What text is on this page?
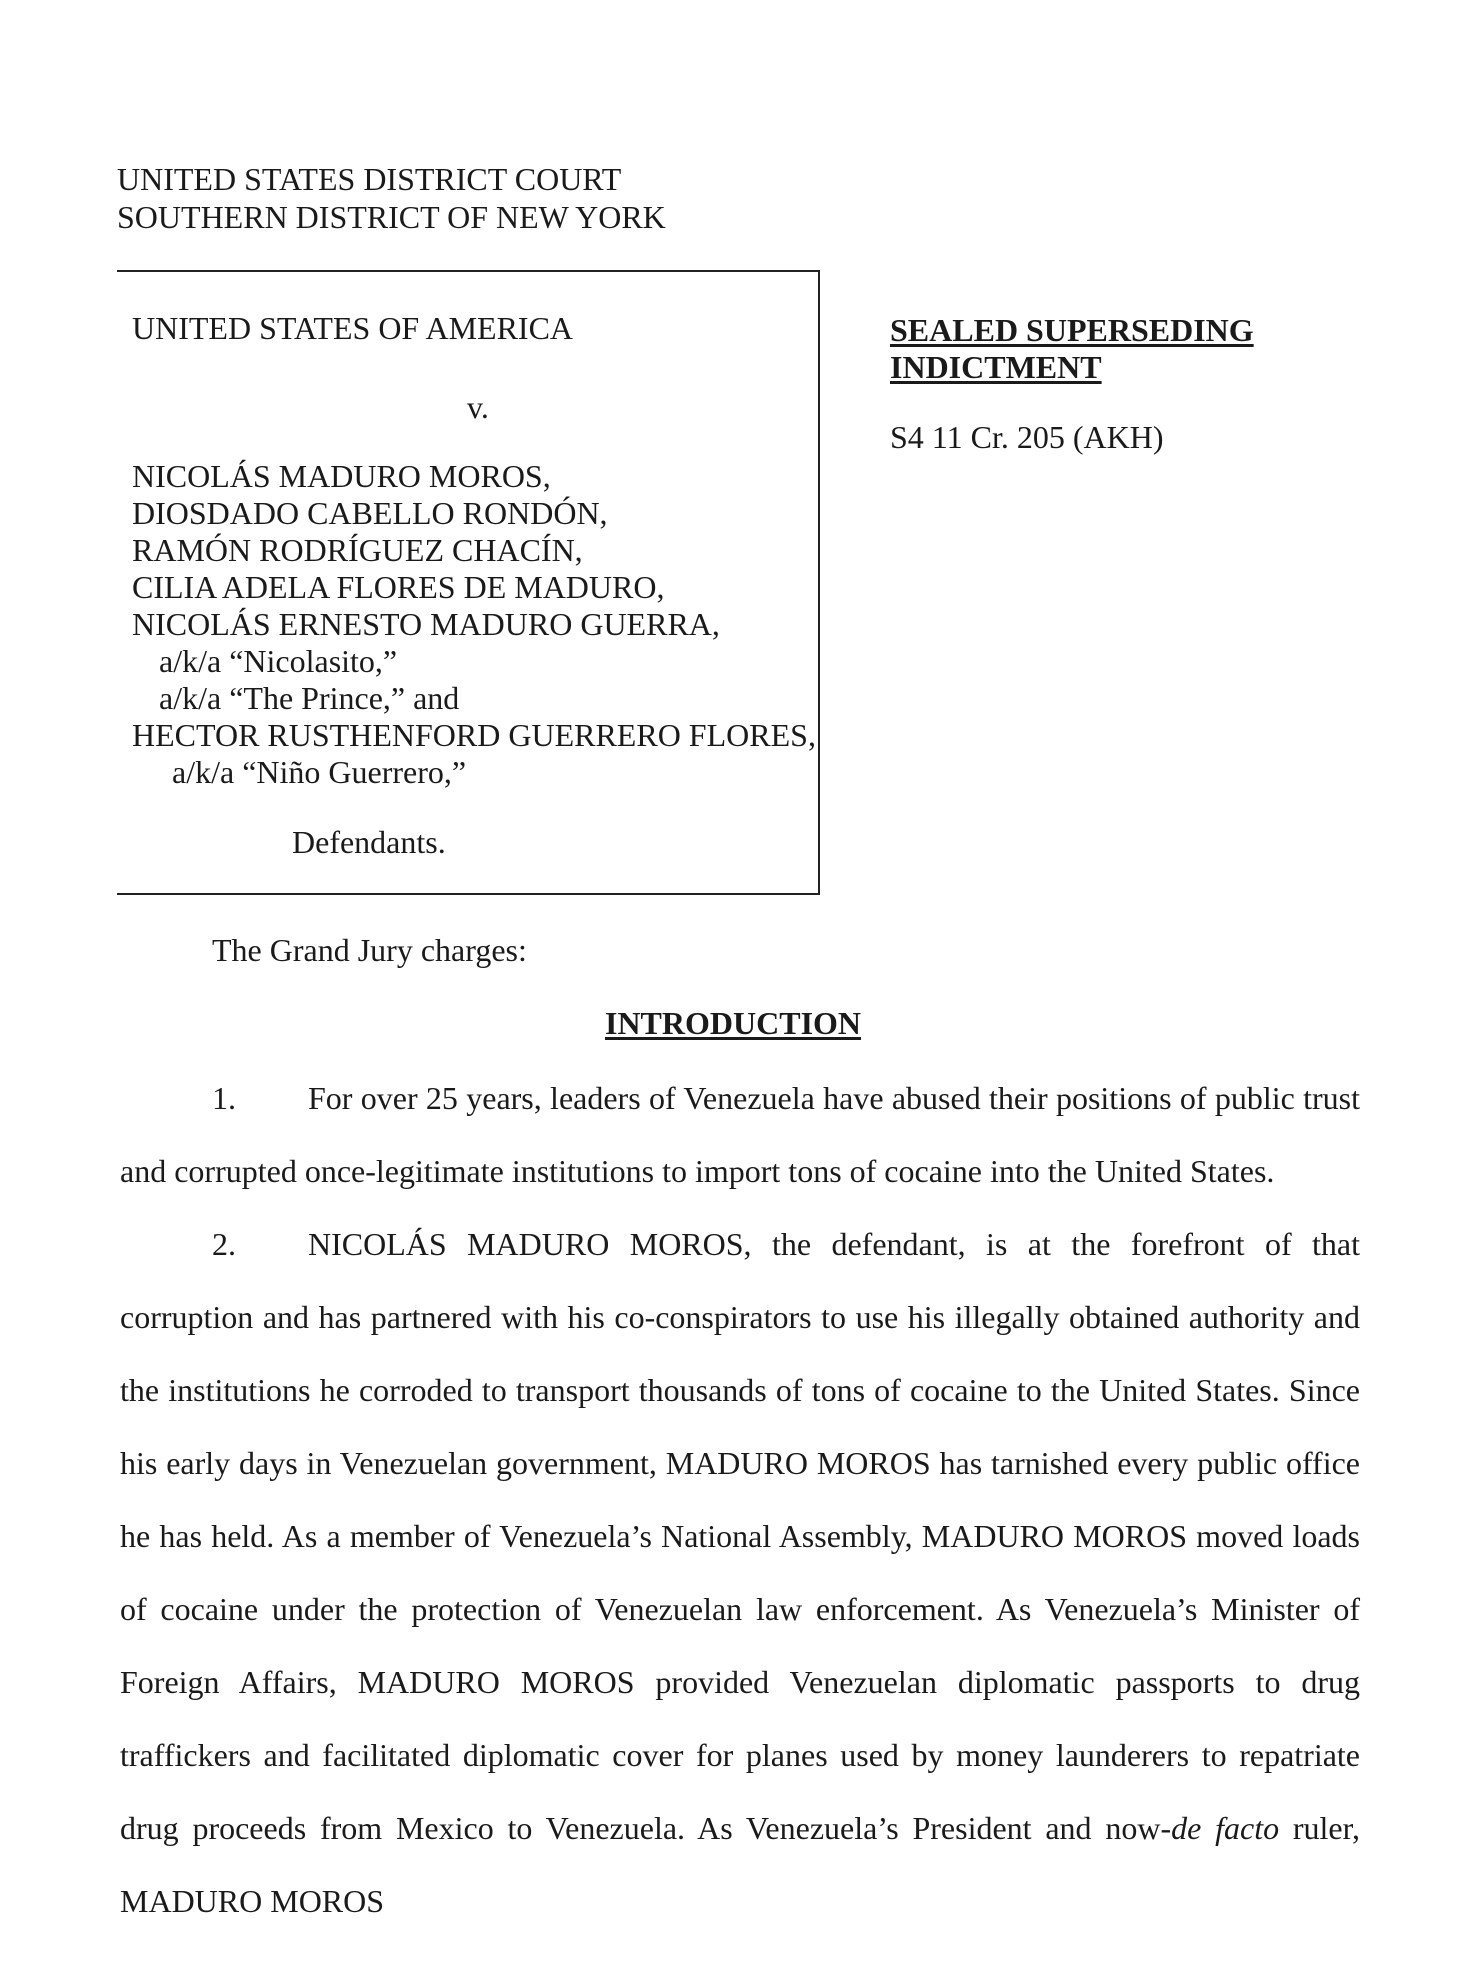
UNITED STATES DISTRICT COURT
SOUTHERN DISTRICT OF NEW YORK
UNITED STATES OF AMERICA
v.
NICOLÁS MADURO MOROS,
DIOSDADO CABELLO RONDÓN,
RAMÓN RODRÍGUEZ CHACÍN,
CILIA ADELA FLORES DE MADURO,
NICOLÁS ERNESTO MADURO GUERRA,
a/k/a “Nicolasito,”
a/k/a “The Prince,” and
HECTOR RUSTHENFORD GUERRERO FLORES,
a/k/a “Niño Guerrero,”
Defendants.
SEALED SUPERSEDING
INDICTMENT
S4 11 Cr. 205 (AKH)
The Grand Jury charges:
INTRODUCTION

1. For over 25 years, leaders of Venezuela have abused their positions of public trust and corrupted once-legitimate institutions to import tons of cocaine into the United States.

2. NICOLÁS MADURO MOROS, the defendant, is at the forefront of that corruption and has partnered with his co-conspirators to use his illegally obtained authority and the institutions he corroded to transport thousands of tons of cocaine to the United States. Since his early days in Venezuelan government, MADURO MOROS has tarnished every public office he has held. As a member of Venezuela’s National Assembly, MADURO MOROS moved loads of cocaine under the protection of Venezuelan law enforcement. As Venezuela’s Minister of Foreign Affairs, MADURO MOROS provided Venezuelan diplomatic passports to drug traffickers and facilitated diplomatic cover for planes used by money launderers to repatriate drug proceeds from Mexico to Venezuela. As Venezuela’s President and now-de facto ruler, MADURO MOROS
